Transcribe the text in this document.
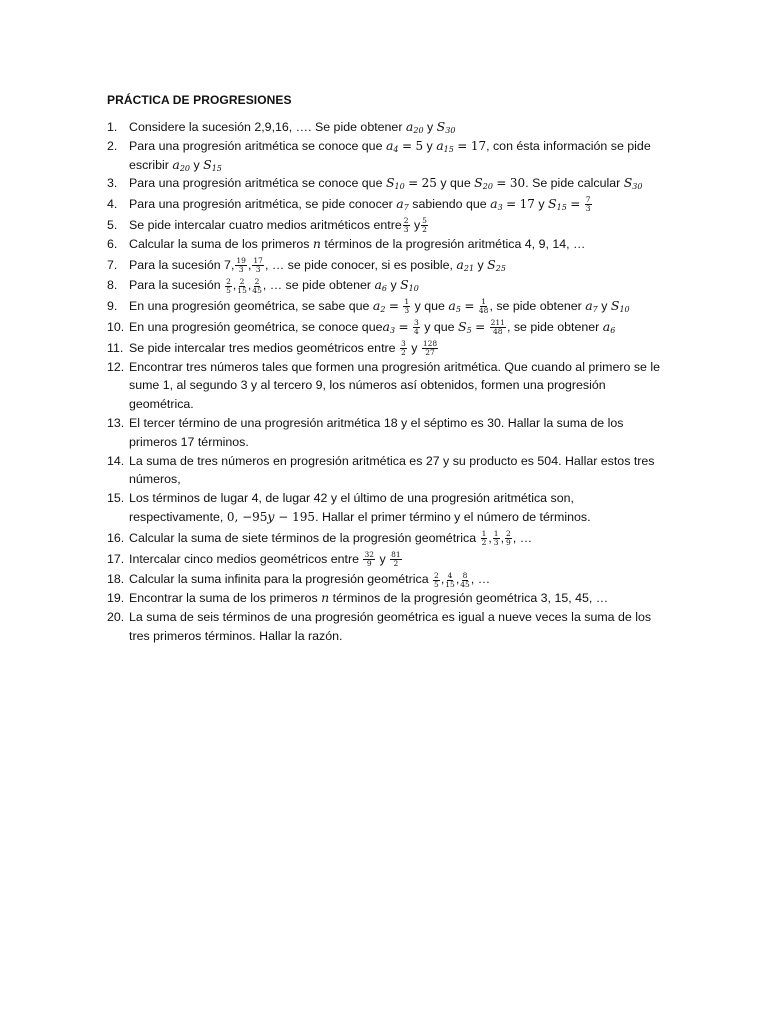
PRÁCTICA DE PROGRESIONES
1. Considere la sucesión 2,9,16, …. Se pide obtener $a_{20}$ y $S_{30}$
2. Para una progresión aritmética se conoce que $a_4 = 5$ y $a_{15} = 17$, con ésta información se pide escribir $a_{20}$ y $S_{15}$
3. Para una progresión aritmética se conoce que $S_{10} = 25$ y que $S_{20} = 30$. Se pide calcular $S_{30}$
4. Para una progresión aritmética, se pide conocer $a_7$ sabiendo que $a_3 = 17$ y $S_{15} = \frac{7}{3}$
5. Se pide intercalar cuatro medios aritméticos entre $\frac{2}{3}$ y $\frac{5}{2}$
6. Calcular la suma de los primeros n términos de la progresión aritmética 4, 9, 14, …
7. Para la sucesión 7, $\frac{19}{3}$ , $\frac{17}{3}$ , … se pide conocer, si es posible, $a_{21}$ y $S_{25}$
8. Para la sucesión $\frac{2}{5}$ , $\frac{2}{15}$ , $\frac{2}{45}$ , … se pide obtener $a_6$ y $S_{10}$
9. En una progresión geométrica, se sabe que $a_2 = \frac{1}{3}$ y que $a_5 = \frac{1}{48}$ , se pide obtener $a_7$ y $S_{10}$
10. En una progresión geométrica, se conoce quea$_3$ = $\frac{3}{4}$ y que $S_5 = \frac{211}{48}$ , se pide obtener $a_6$
11. Se pide intercalar tres medios geométricos entre $\frac{3}{2}$ y $\frac{128}{27}$
12. Encontrar tres números tales que formen una progresión aritmética. Que cuando al primero se le sume 1, al segundo 3 y al tercero 9, los números así obtenidos, formen una progresión geométrica.
13. El tercer término de una progresión aritmética 18 y el séptimo es 30. Hallar la suma de los primeros 17 términos.
14. La suma de tres números en progresión aritmética es 27 y su producto es 504. Hallar estos tres números,
15. Los términos de lugar 4, de lugar 42 y el último de una progresión aritmética son, respectivamente, 0, −95y − 195. Hallar el primer término y el número de términos.
16. Calcular la suma de siete términos de la progresión geométrica $\frac{1}{2}$ , $\frac{1}{3}$ , $\frac{2}{9}$ , …
17. Intercalar cinco medios geométricos entre $\frac{32}{9}$ y $\frac{81}{2}$
18. Calcular la suma infinita para la progresión geométrica $\frac{2}{5}$ , $\frac{4}{15}$ , $\frac{8}{45}$ , …
19. Encontrar la suma de los primeros n términos de la progresión geométrica 3, 15, 45, …
20. La suma de seis términos de una progresión geométrica es igual a nueve veces la suma de los tres primeros términos. Hallar la razón.
